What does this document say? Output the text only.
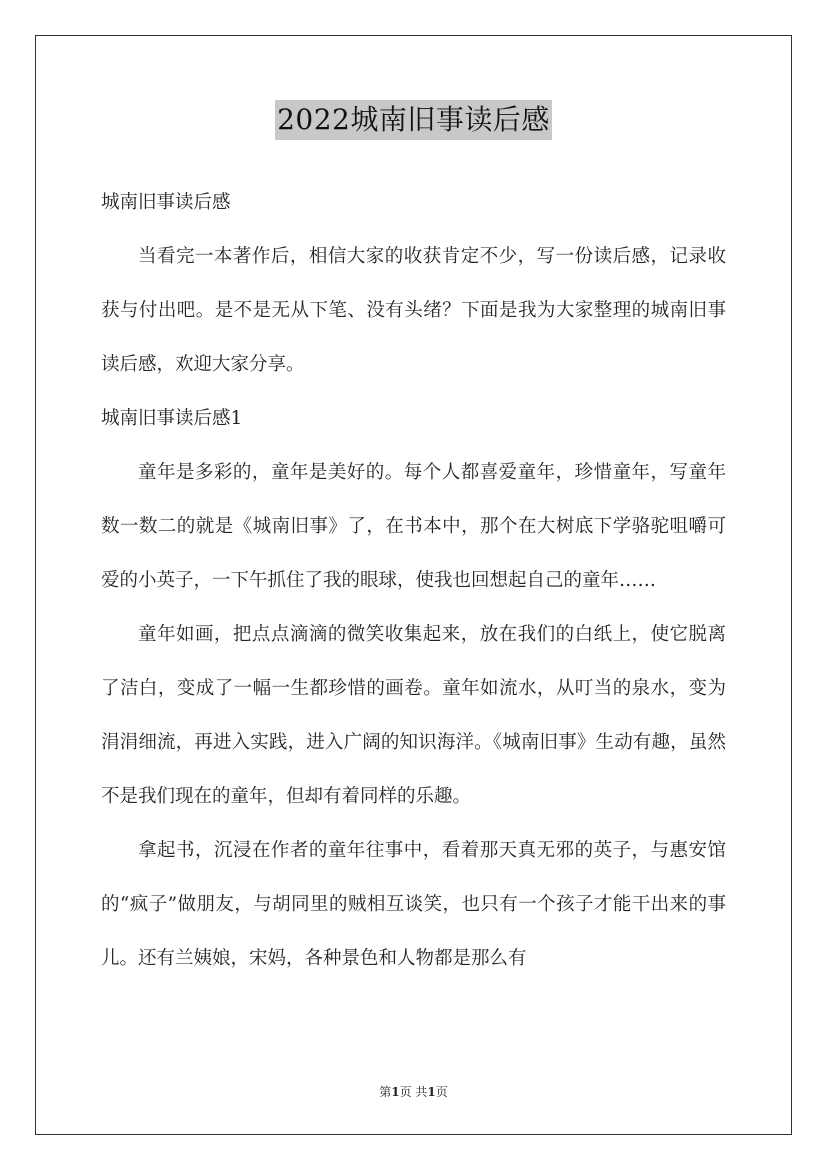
2022城南旧事读后感

城南旧事读后感

当看完一本著作后，相信大家的收获肯定不少，写一份读后感，记录收获与付出吧。是不是无从下笔、没有头绪？下面是我为大家整理的城南旧事读后感，欢迎大家分享。

城南旧事读后感1

童年是多彩的，童年是美好的。每个人都喜爱童年，珍惜童年，写童年数一数二的就是《城南旧事》了，在书本中，那个在大树底下学骆驼咀嚼可爱的小英子，一下午抓住了我的眼球，使我也回想起自己的童年……

童年如画，把点点滴滴的微笑收集起来，放在我们的白纸上，使它脱离了洁白，变成了一幅一生都珍惜的画卷。童年如流水，从叮当的泉水，变为涓涓细流，再进入实践，进入广阔的知识海洋。《城南旧事》生动有趣，虽然不是我们现在的童年，但却有着同样的乐趣。

拿起书，沉浸在作者的童年往事中，看着那天真无邪的英子，与惠安馆的“疯子”做朋友，与胡同里的贼相互谈笑，也只有一个孩子才能干出来的事儿。还有兰姨娘，宋妈，各种景色和人物都是那么有

第1页 共1页
